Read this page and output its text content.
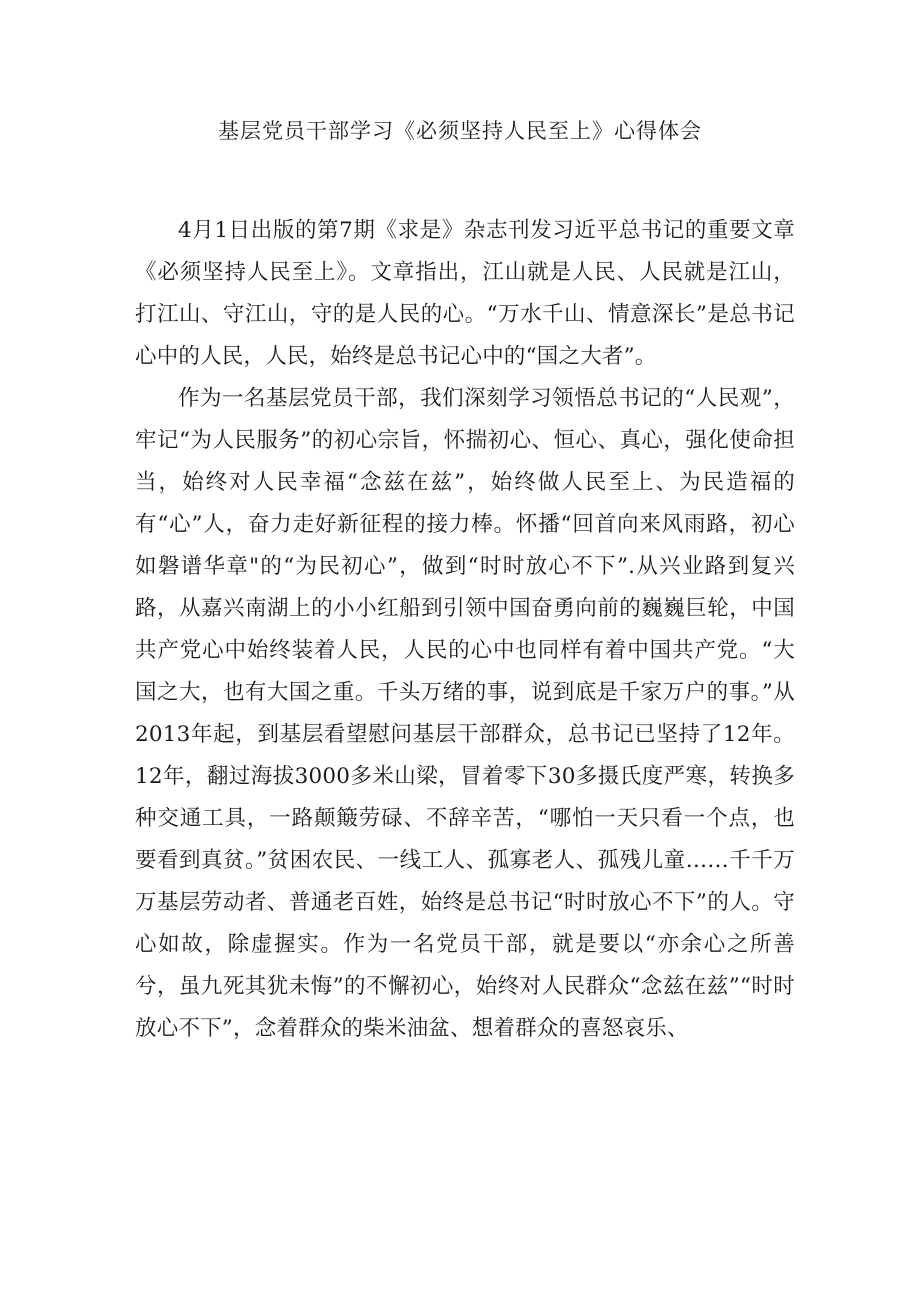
基层党员干部学习《必须坚持人民至上》心得体会

4月1日出版的第7期《求是》杂志刊发习近平总书记的重要文章《必须坚持人民至上》。文章指出，江山就是人民、人民就是江山，打江山、守江山，守的是人民的心。“万水千山、情意深长”是总书记心中的人民，人民，始终是总书记心中的“国之大者”。

作为一名基层党员干部，我们深刻学习领悟总书记的“人民观”，牢记“为人民服务”的初心宗旨，怀揣初心、恒心、真心，强化使命担当，始终对人民幸福“念兹在兹”，始终做人民至上、为民造福的有“心”人，奋力走好新征程的接力棒。怀播“回首向来风雨路，初心如磐谱华章"的“为民初心”，做到“时时放心不下”.从兴业路到复兴路，从嘉兴南湖上的小小红船到引领中国奋勇向前的巍巍巨轮，中国共产党心中始终装着人民，人民的心中也同样有着中国共产党。“大国之大，也有大国之重。千头万绪的事，说到底是千家万户的事。”从2013年起，到基层看望慰问基层干部群众，总书记已坚持了12年。12年，翻过海拔3000多米山梁，冒着零下30多摄氏度严寒，转换多种交通工具，一路颠簸劳碌、不辞辛苦，“哪怕一天只看一个点，也要看到真贫。”贫困农民、一线工人、孤寡老人、孤残儿童……千千万万基层劳动者、普通老百姓，始终是总书记“时时放心不下”的人。守心如故，除虚握实。作为一名党员干部，就是要以“亦余心之所善兮，虽九死其犹未悔”的不懈初心，始终对人民群众“念兹在兹”“时时放心不下”，念着群众的柴米油盆、想着群众的喜怒哀乐、
